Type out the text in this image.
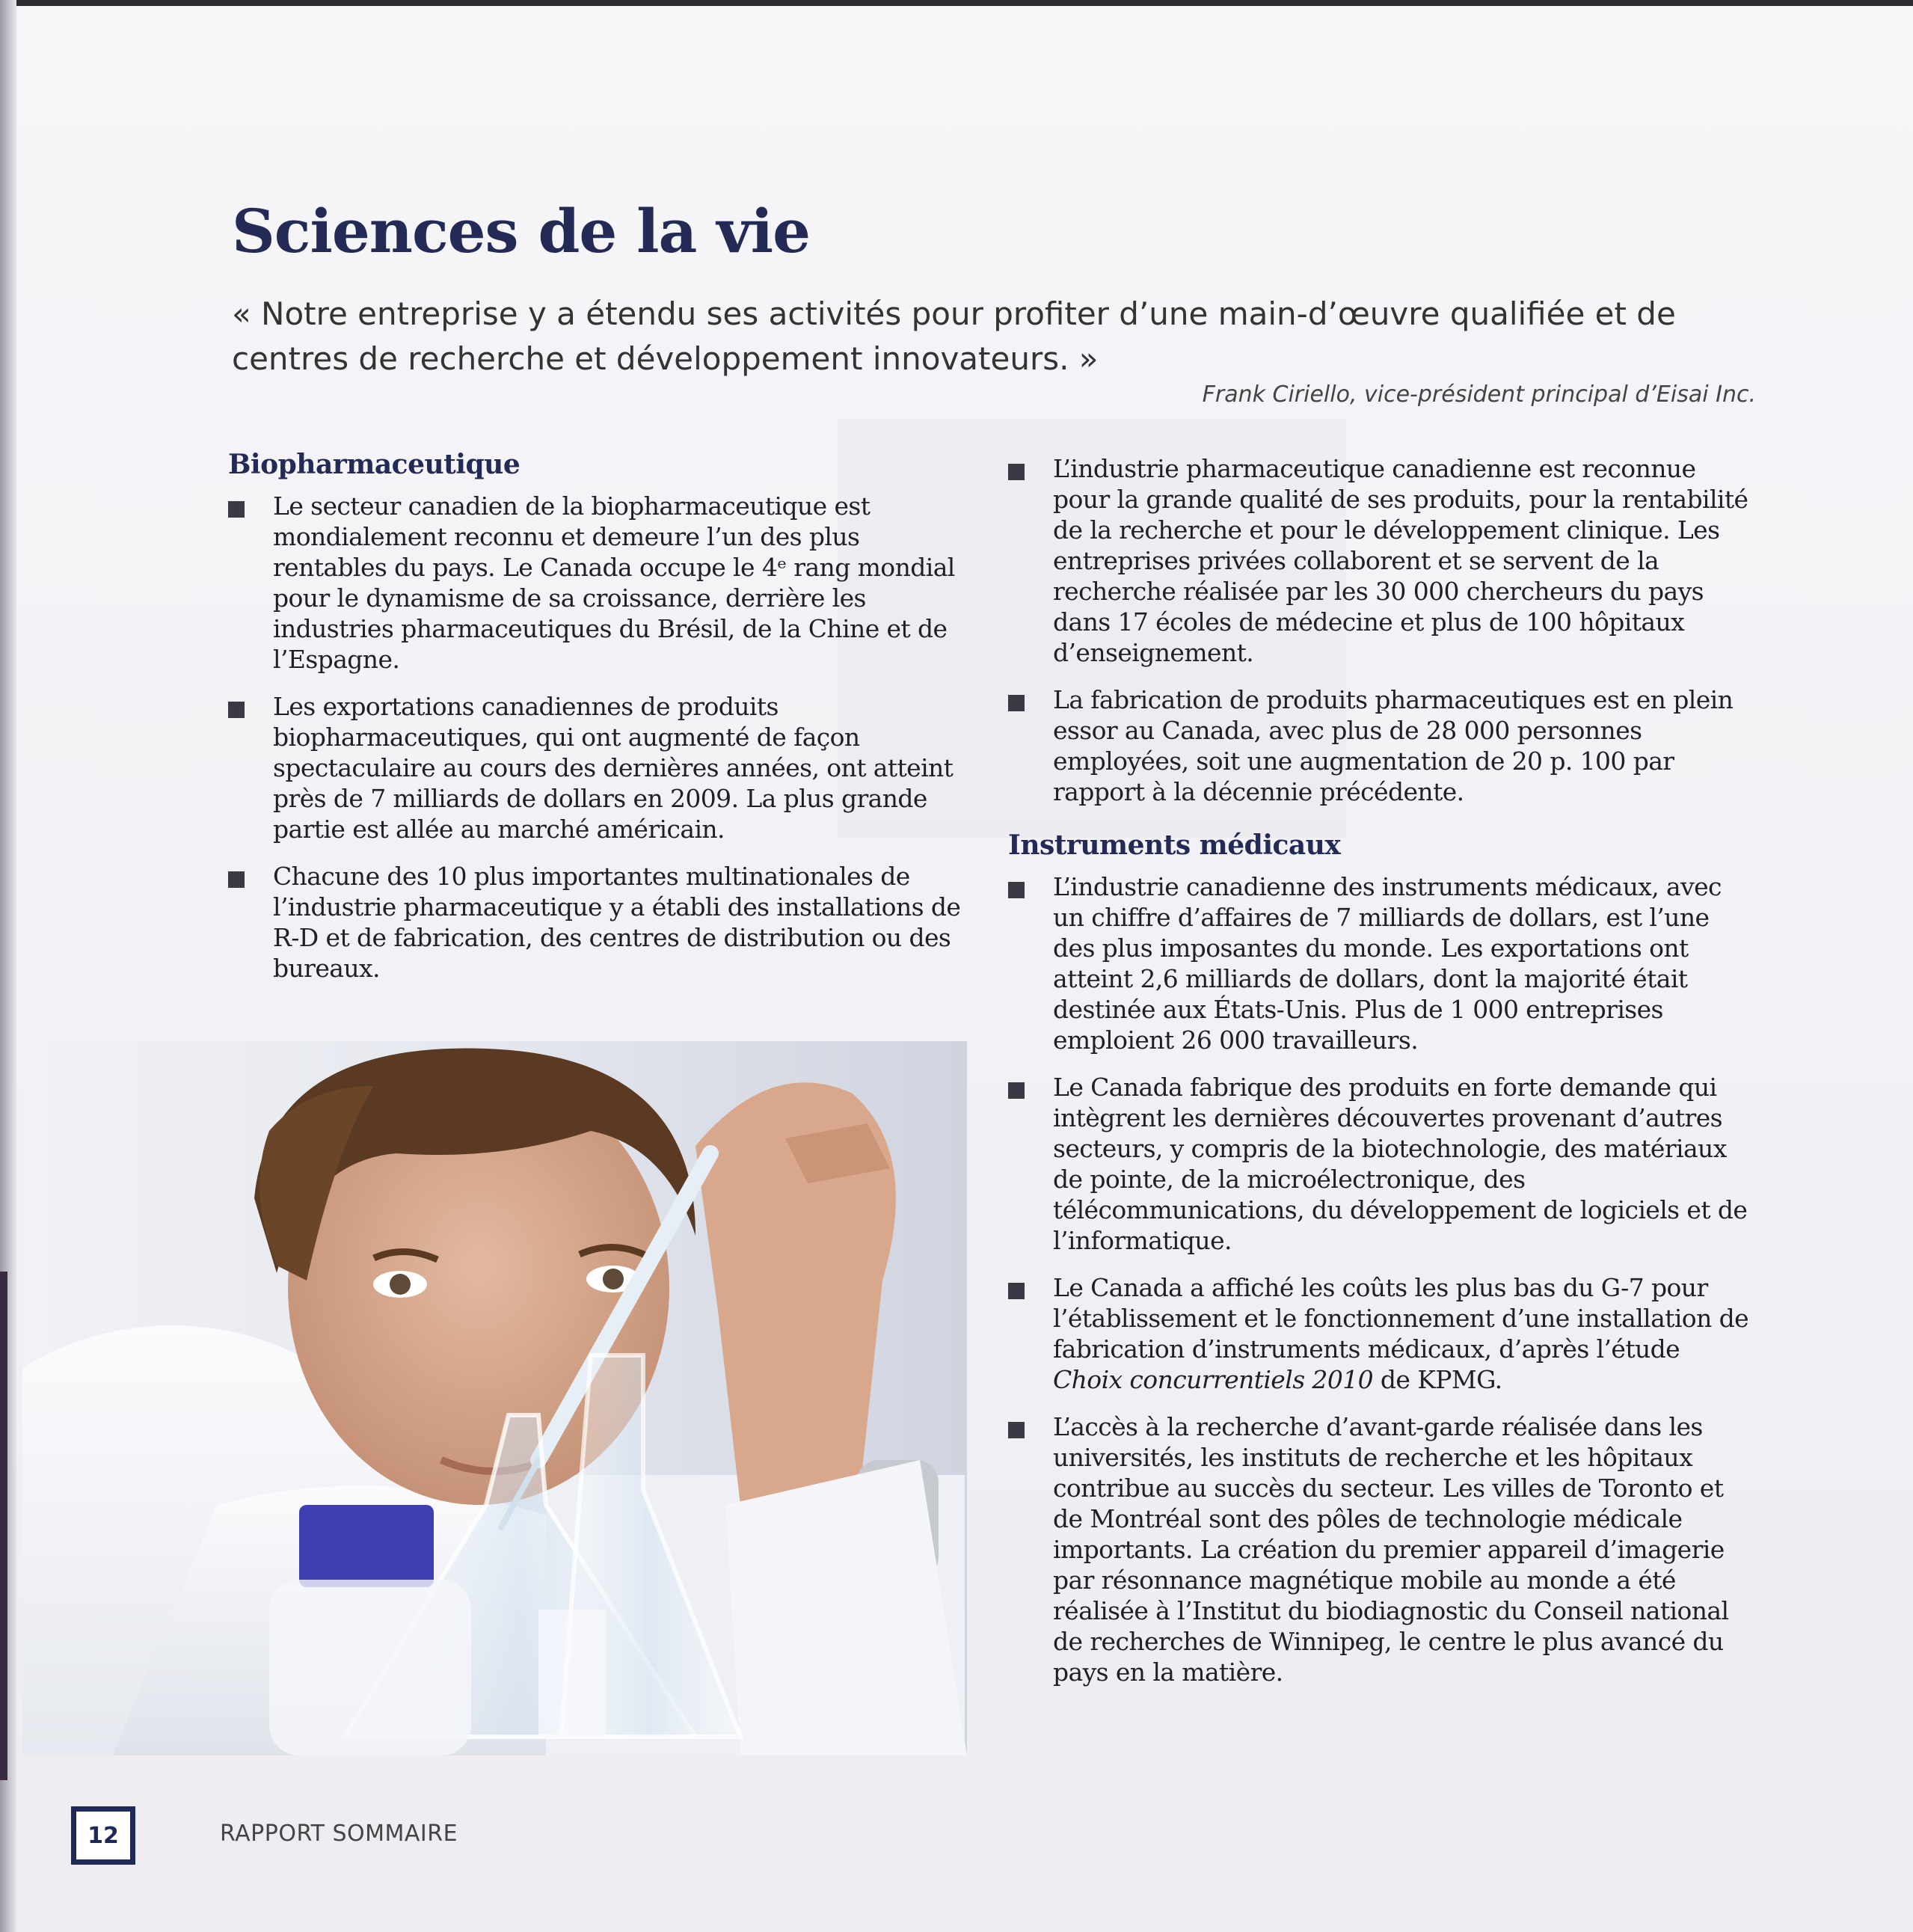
Sciences de la vie

« Notre entreprise y a étendu ses activités pour profiter d’une main-d’œuvre qualifiée et de centres de recherche et développement innovateurs. »

Frank Ciriello, vice-président principal d’Eisai Inc.

Biopharmaceutique
Le secteur canadien de la biopharmaceutique est mondialement reconnu et demeure l’un des plus rentables du pays. Le Canada occupe le 4ᵉ rang mondial pour le dynamisme de sa croissance, derrière les industries pharmaceutiques du Brésil, de la Chine et de l’Espagne.
Les exportations canadiennes de produits biopharmaceutiques, qui ont augmenté de façon spectaculaire au cours des dernières années, ont atteint près de 7 milliards de dollars en 2009. La plus grande partie est allée au marché américain.
Chacune des 10 plus importantes multinationales de l’industrie pharmaceutique y a établi des installations de R-D et de fabrication, des centres de distribution ou des bureaux.
L’industrie pharmaceutique canadienne est reconnue pour la grande qualité de ses produits, pour la rentabilité de la recherche et pour le développement clinique. Les entreprises privées collaborent et se servent de la recherche réalisée par les 30 000 chercheurs du pays dans 17 écoles de médecine et plus de 100 hôpitaux d’enseignement.
La fabrication de produits pharmaceutiques est en plein essor au Canada, avec plus de 28 000 personnes employées, soit une augmentation de 20 p. 100 par rapport à la décennie précédente.
Instruments médicaux
L’industrie canadienne des instruments médicaux, avec un chiffre d’affaires de 7 milliards de dollars, est l’une des plus imposantes du monde. Les exportations ont atteint 2,6 milliards de dollars, dont la majorité était destinée aux États-Unis. Plus de 1 000 entreprises emploient 26 000 travailleurs.
Le Canada fabrique des produits en forte demande qui intègrent les dernières découvertes provenant d’autres secteurs, y compris de la biotechnologie, des matériaux de pointe, de la microélectronique, des télécommunications, du développement de logiciels et de l’informatique.
Le Canada a affiché les coûts les plus bas du G-7 pour l’établissement et le fonctionnement d’une installation de fabrication d’instruments médicaux, d’après l’étude Choix concurrentiels 2010 de KPMG.
L’accès à la recherche d’avant-garde réalisée dans les universités, les instituts de recherche et les hôpitaux contribue au succès du secteur. Les villes de Toronto et de Montréal sont des pôles de technologie médicale importants. La création du premier appareil d’imagerie par résonnance magnétique mobile au monde a été réalisée à l’Institut du biodiagnostic du Conseil national de recherches de Winnipeg, le centre le plus avancé du pays en la matière.
12	RAPPORT SOMMAIRE
